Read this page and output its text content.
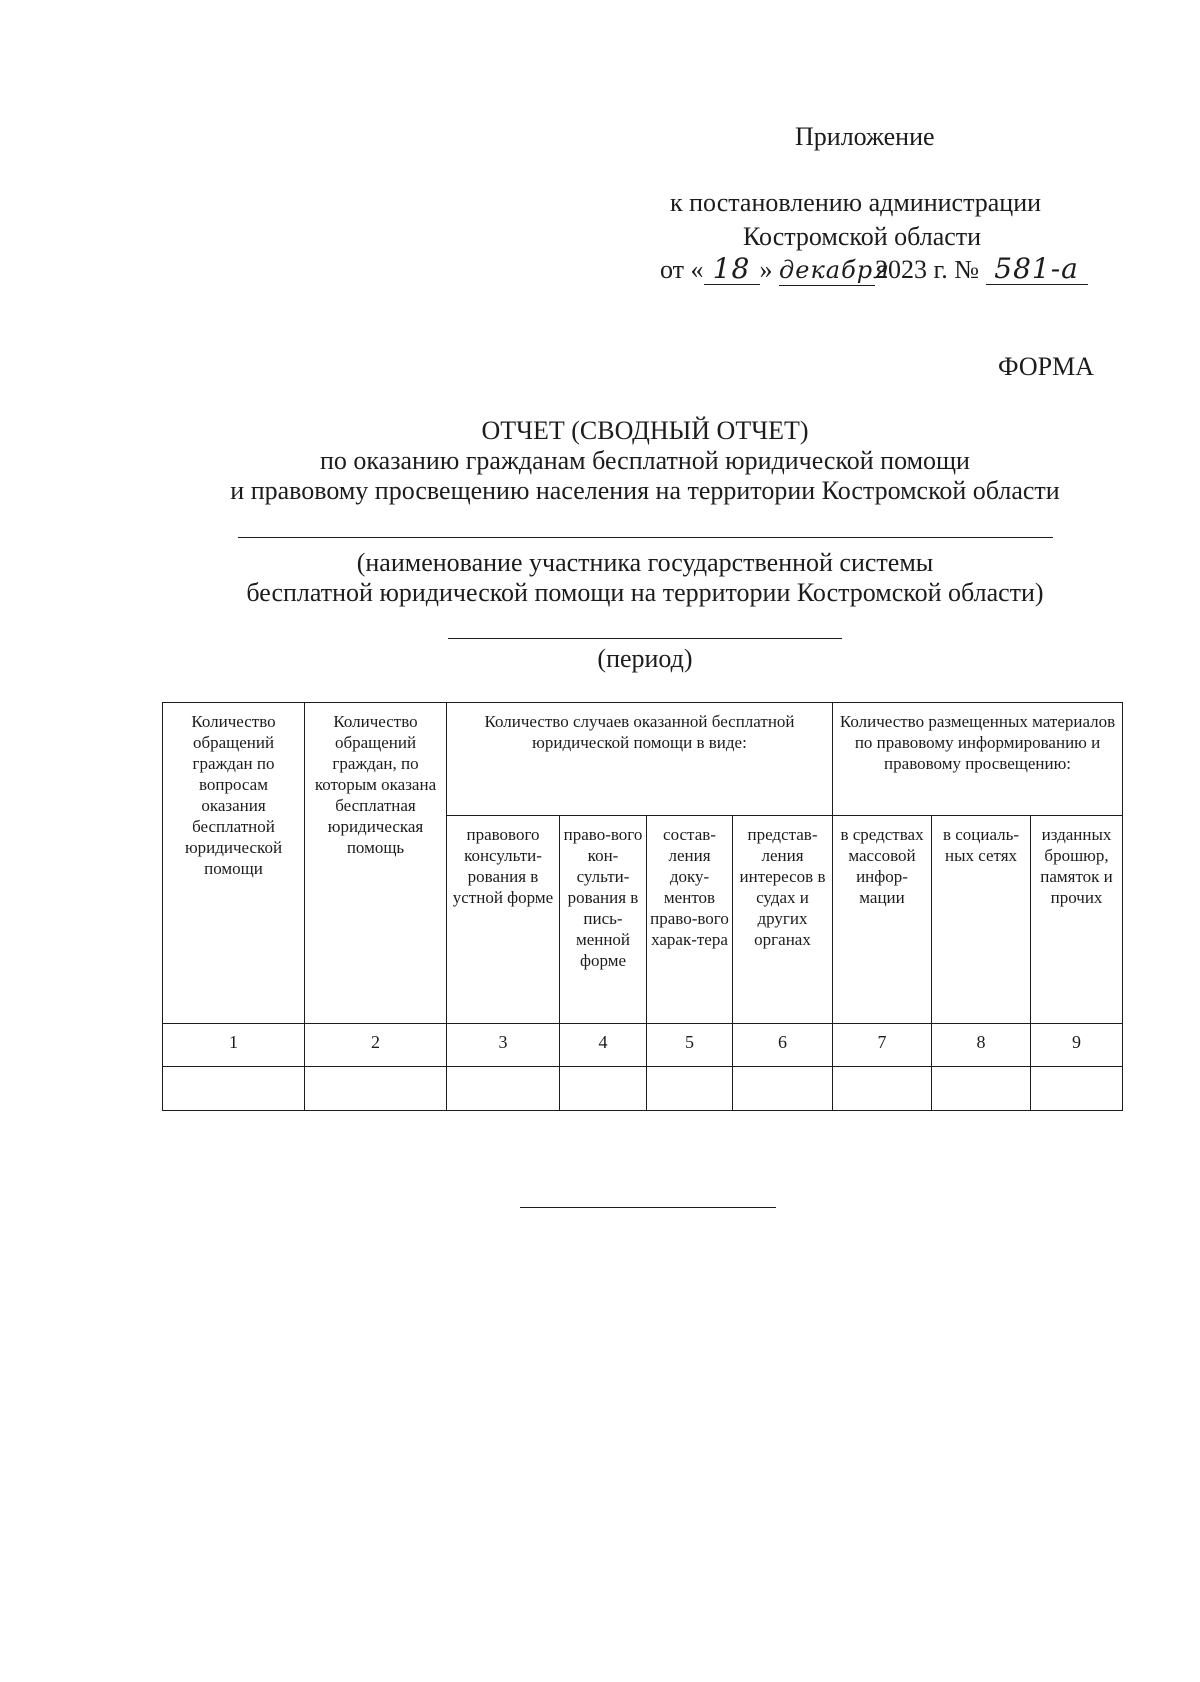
Приложение
к постановлению администрации
Костромской области
от « 18 » декабря2023 г. № 581-а
ФОРМА
ОТЧЕТ (СВОДНЫЙ ОТЧЕТ)
по оказанию гражданам бесплатной юридической помощи
и правовому просвещению населения на территории Костромской области
(наименование участника государственной системы
бесплатной юридической помощи на территории Костромской области)
(период)
Количество обращений граждан по вопросам оказания бесплатной юридической помощи	Количество обращений граждан, по которым оказана бесплатная юридическая помощь	Количество случаев оказанной бесплатной юридической помощи в виде:				Количество размещенных материалов по правовому информированию и правовому просвещению:		
		правового консульти-рования в устной форме	право-вого кон-сульти-рования в пись-менной форме	состав-ления доку-ментов право-вого харак-тера	представ-ления интересов в судах и других органах	в средствах массовой инфор-мации	в социаль-ных сетях	изданных брошюр, памяток и прочих
1	2	3	4	5	6	7	8	9
